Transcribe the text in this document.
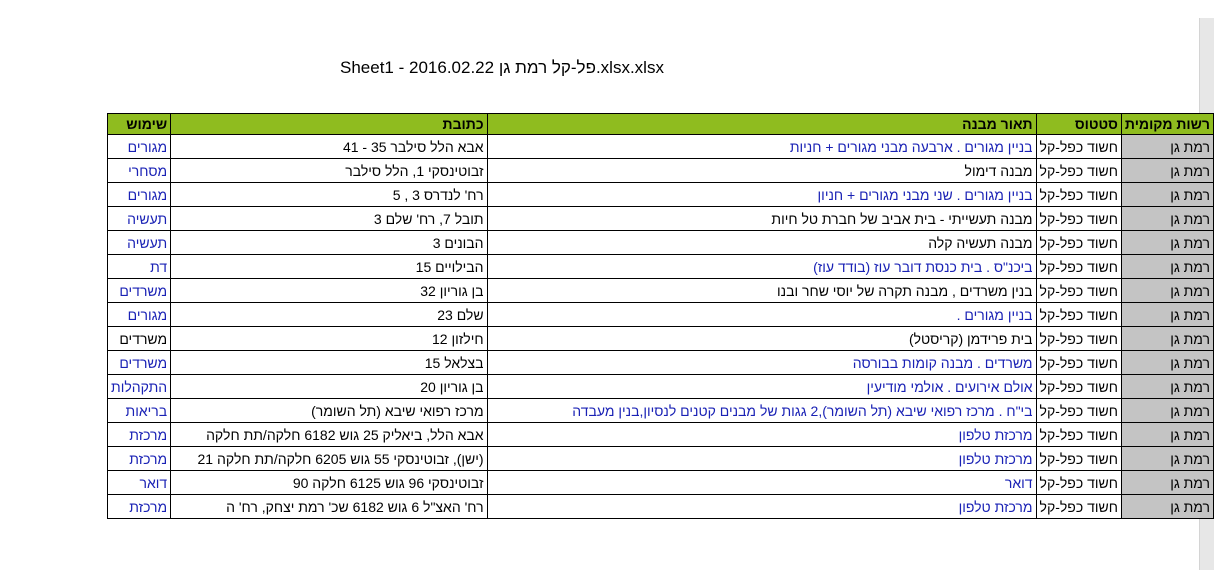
Sheet1 - פל-קל רמת גן 2016.02.22.xlsx.xlsx
רשות מקומית	סטטוס	תאור מבנה	כתובת	שימוש
רמת גן	חשוד כפל-קל	בניין מגורים . ארבעה מבני מגורים + חניות	אבא הלל סילבר 35 - 41	מגורים
רמת גן	חשוד כפל-קל	מבנה דימול	זבוטינסקי 1, הלל סילבר	מסחרי
רמת גן	חשוד כפל-קל	בניין מגורים . שני מבני מגורים + חניון	רח' לנדרס 3 , 5	מגורים
רמת גן	חשוד כפל-קל	מבנה תעשייתי - בית אביב של חברת טל חיות	תובל 7, רח' שלם 3	תעשיה
רמת גן	חשוד כפל-קל	מבנה תעשיה קלה	הבונים 3	תעשיה
רמת גן	חשוד כפל-קל	ביכנ"ס . בית כנסת דובר עוז (בודד עוז)	הבילויים 15	דת
רמת גן	חשוד כפל-קל	בנין משרדים , מבנה תקרה של יוסי שחר ובנו	בן גוריון 32	משרדים
רמת גן	חשוד כפל-קל	בניין מגורים .	שלם 23	מגורים
רמת גן	חשוד כפל-קל	בית פרידמן (קריסטל)	חילזון 12	משרדים
רמת גן	חשוד כפל-קל	משרדים . מבנה קומות בבורסה	בצלאל 15	משרדים
רמת גן	חשוד כפל-קל	אולם אירועים . אולמי מודיעין	בן גוריון 20	התקהלות
רמת גן	חשוד כפל-קל	בי"ח . מרכז רפואי שיבא (תל השומר),2 גגות של מבנים קטנים לנסיון,בנין מעבדה	מרכז רפואי שיבא (תל השומר)	בריאות
רמת גן	חשוד כפל-קל	מרכזת טלפון	אבא הלל, ביאליק 25 גוש 6182 חלקה/תת חלקה	מרכזת
רמת גן	חשוד כפל-קל	מרכזת טלפון	(ישן), זבוטינסקי 55 גוש 6205 חלקה/תת חלקה 21	מרכזת
רמת גן	חשוד כפל-קל	דואר	זבוטינסקי 96 גוש 6125 חלקה 90	דואר
רמת גן	חשוד כפל-קל	מרכזת טלפון	רח' האצ"ל 6 גוש 6182 שכ' רמת יצחק, רח' ה	מרכזת
